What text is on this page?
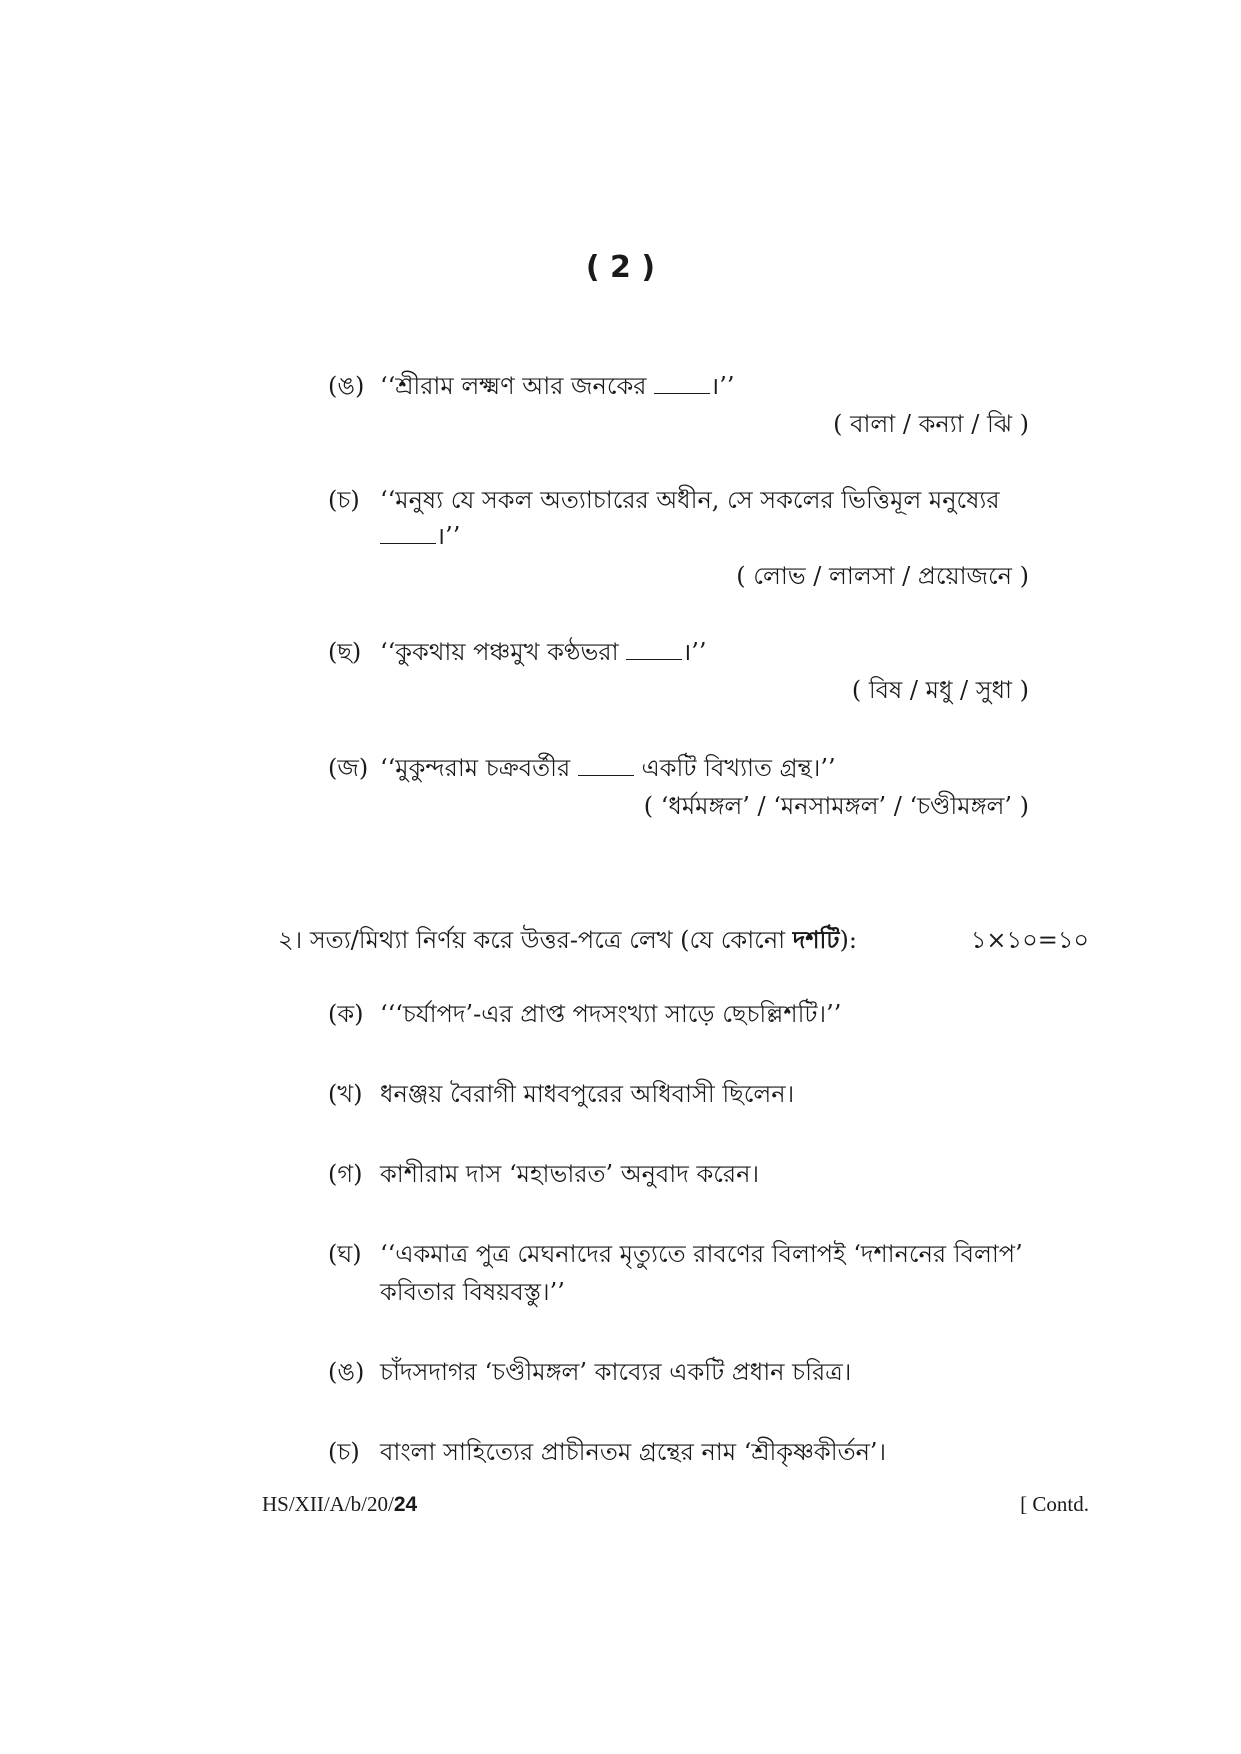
( 2 )
(ঙ) ‘‘শ্রীরাম লক্ষ্মণ আর জনকের	।’’
( বালা / কন্যা / ঝি )
(চ) ‘‘মনুষ্য যে সকল অত্যাচারের অধীন, সে সকলের ভিত্তিমূল মনুষ্যের
।’’
( লোভ / লালসা / প্রয়োজনে )
(ছ) ‘‘কুকথায় পঞ্চমুখ কণ্ঠভরা	।’’
( বিষ / মধু / সুধা )
(জ) ‘‘মুকুন্দরাম চক্রবর্তীর	একটি বিখ্যাত গ্রন্থ।’’
( ‘ধর্মমঙ্গল’ / ‘মনসামঙ্গল’ / ‘চণ্ডীমঙ্গল’ )
২। সত্য/মিথ্যা নির্ণয় করে উত্তর-পত্রে লেখ (যে কোনো দশটি):	১×১০=১০
(ক) ‘‘‘চর্যাপদ’-এর প্রাপ্ত পদসংখ্যা সাড়ে ছেচল্লিশটি।’’
(খ) ধনঞ্জয় বৈরাগী মাধবপুরের অধিবাসী ছিলেন।
(গ) কাশীরাম দাস ‘মহাভারত’ অনুবাদ করেন।
(ঘ) ‘‘একমাত্র পুত্র মেঘনাদের মৃত্যুতে রাবণের বিলাপই ‘দশাননের বিলাপ’
কবিতার বিষয়বস্তু।’’
(ঙ) চাঁদসদাগর ‘চণ্ডীমঙ্গল’ কাব্যের একটি প্রধান চরিত্র।
(চ) বাংলা সাহিত্যের প্রাচীনতম গ্রন্থের নাম ‘শ্রীকৃষ্ণকীর্তন’।
HS/XII/A/b/20/24	[ Contd.
